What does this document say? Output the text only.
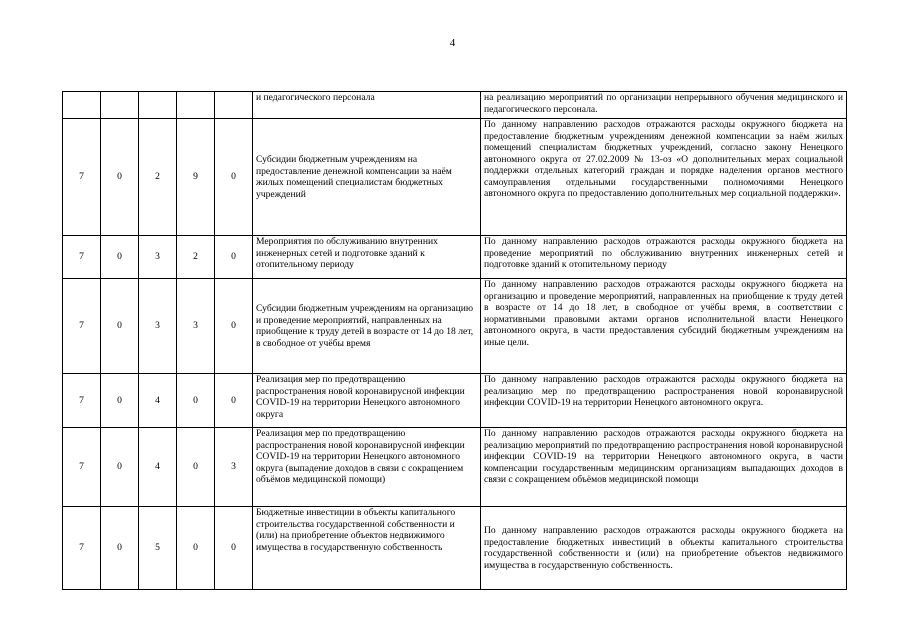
4
					и педагогического персонала	на реализацию мероприятий по организации непрерывного обучения медицинского и педагогического персонала.
7	0	2	9	0	Субсидии бюджетным учреждениям на предоставление денежной компенсации за наём жилых помещений специалистам бюджетных учреждений	По данному направлению расходов отражаются расходы окружного бюджета на предоставление бюджетным учреждениям денежной компенсации за наём жилых помещений специалистам бюджетных учреждений, согласно закону Ненецкого автономного округа от 27.02.2009 № 13-оз «О дополнительных мерах социальной поддержки отдельных категорий граждан и порядке наделения органов местного самоуправления отдельными государственными полномочиями Ненецкого автономного округа по предоставлению дополнительных мер социальной поддержки».
7	0	3	2	0	Мероприятия по обслуживанию внутренних инженерных сетей и подготовке зданий к отопительному периоду	По данному направлению расходов отражаются расходы окружного бюджета на проведение мероприятий по обслуживанию внутренних инженерных сетей и подготовке зданий к отопительному периоду
7	0	3	3	0	Субсидии бюджетным учреждениям на организацию и проведение мероприятий, направленных на приобщение к труду детей в возрасте от 14 до 18 лет, в свободное от учёбы время	По данному направлению расходов отражаются расходы окружного бюджета на организацию и проведение мероприятий, направленных на приобщение к труду детей в возрасте от 14 до 18 лет, в свободное от учёбы время, в соответствии с нормативными правовыми актами органов исполнительной власти Ненецкого автономного округа, в части предоставления субсидий бюджетным учреждениям на иные цели.
7	0	4	0	0	Реализация мер по предотвращению распространения новой коронавирусной инфекции COVID-19 на территории Ненецкого автономного округа	По данному направлению расходов отражаются расходы окружного бюджета на реализацию мер по предотвращению распространения новой коронавирусной инфекции COVID-19 на территории Ненецкого автономного округа.
7	0	4	0	3	Реализация мер по предотвращению распространения новой коронавирусной инфекции COVID-19 на территории Ненецкого автономного округа (выпадение доходов в связи с сокращением объёмов медицинской помощи)	По данному направлению расходов отражаются расходы окружного бюджета на реализацию мероприятий по предотвращению распространения новой коронавирусной инфекции COVID-19 на территории Ненецкого автономного округа, в части компенсации государственным медицинским организациям выпадающих доходов в связи с сокращением объёмов медицинской помощи
7	0	5	0	0	Бюджетные инвестиции в объекты капитального строительства государственной собственности и (или) на приобретение объектов недвижимого имущества в государственную собственность	По данному направлению расходов отражаются расходы окружного бюджета на предоставление бюджетных инвестиций в объекты капитального строительства государственной собственности и (или) на приобретение объектов недвижимого имущества в государственную собственность.
